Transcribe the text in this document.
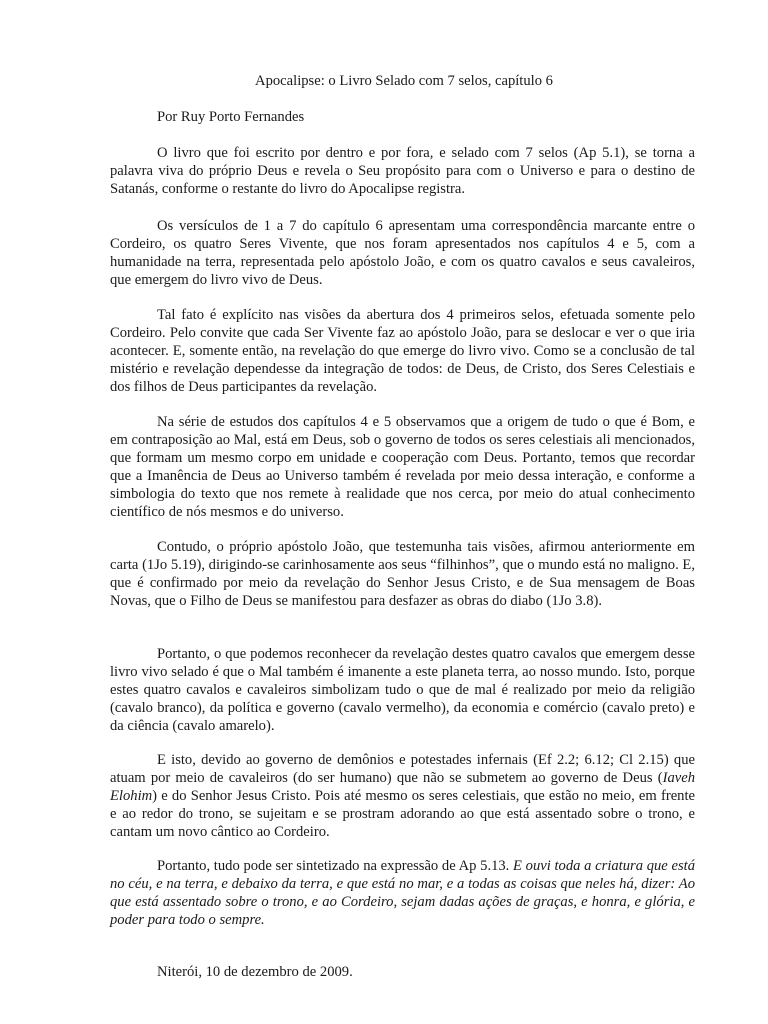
Apocalipse: o Livro Selado com 7 selos, capítulo 6
Por Ruy Porto Fernandes
O livro que foi escrito por dentro e por fora, e selado com 7 selos (Ap 5.1), se torna a palavra viva do próprio Deus e revela o Seu propósito para com o Universo e para o destino de Satanás, conforme o restante do livro do Apocalipse registra.
Os versículos de 1 a 7 do capítulo 6 apresentam uma correspondência marcante entre o Cordeiro, os quatro Seres Vivente, que nos foram apresentados nos capítulos 4 e 5, com a humanidade na terra, representada pelo apóstolo João, e com os quatro cavalos e seus cavaleiros, que emergem do livro vivo de Deus.
Tal fato é explícito nas visões da abertura dos 4 primeiros selos, efetuada somente pelo Cordeiro. Pelo convite que cada Ser Vivente faz ao apóstolo João, para se deslocar e ver o que iria acontecer. E, somente então, na revelação do que emerge do livro vivo. Como se a conclusão de tal mistério e revelação dependesse da integração de todos: de Deus, de Cristo, dos Seres Celestiais e dos filhos de Deus participantes da revelação.
Na série de estudos dos capítulos 4 e 5 observamos que a origem de tudo o que é Bom, e em contraposição ao Mal, está em Deus, sob o governo de todos os seres celestiais ali mencionados, que formam um mesmo corpo em unidade e cooperação com Deus. Portanto, temos que recordar que a Imanência de Deus ao Universo também é revelada por meio dessa interação, e conforme a simbologia do texto que nos remete à realidade que nos cerca, por meio do atual conhecimento científico de nós mesmos e do universo.
Contudo, o próprio apóstolo João, que testemunha tais visões, afirmou anteriormente em carta (1Jo 5.19), dirigindo-se carinhosamente aos seus “filhinhos”, que o mundo está no maligno. E, que é confirmado por meio da revelação do Senhor Jesus Cristo, e de Sua mensagem de Boas Novas, que o Filho de Deus se manifestou para desfazer as obras do diabo (1Jo 3.8).
Portanto, o que podemos reconhecer da revelação destes quatro cavalos que emergem desse livro vivo selado é que o Mal também é imanente a este planeta terra, ao nosso mundo. Isto, porque estes quatro cavalos e cavaleiros simbolizam tudo o que de mal é realizado por meio da religião (cavalo branco), da política e governo (cavalo vermelho), da economia e comércio (cavalo preto) e da ciência (cavalo amarelo).
E isto, devido ao governo de demônios e potestades infernais (Ef 2.2; 6.12; Cl 2.15) que atuam por meio de cavaleiros (do ser humano) que não se submetem ao governo de Deus (Iaveh Elohim) e do Senhor Jesus Cristo. Pois até mesmo os seres celestiais, que estão no meio, em frente e ao redor do trono, se sujeitam e se prostram adorando ao que está assentado sobre o trono, e cantam um novo cântico ao Cordeiro.
Portanto, tudo pode ser sintetizado na expressão de Ap 5.13. E ouvi toda a criatura que está no céu, e na terra, e debaixo da terra, e que está no mar, e a todas as coisas que neles há, dizer: Ao que está assentado sobre o trono, e ao Cordeiro, sejam dadas ações de graças, e honra, e glória, e poder para todo o sempre.
Niterói, 10 de dezembro de 2009.
